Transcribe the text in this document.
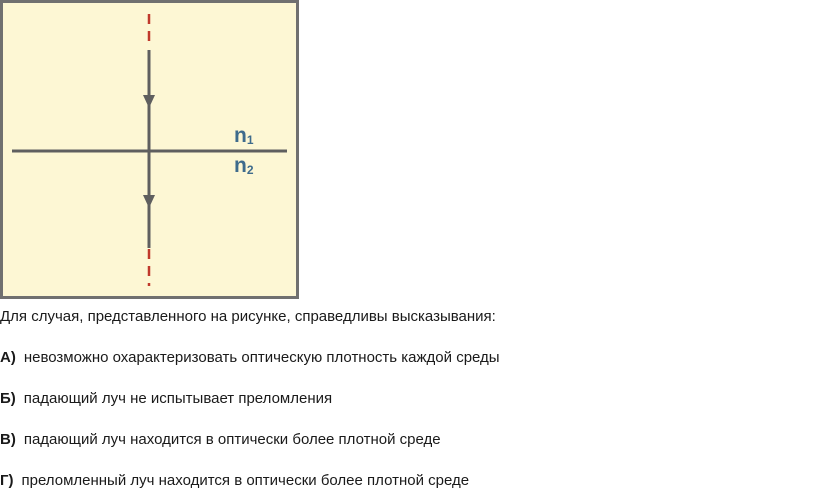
n1
n2
Для случая, представленного на рисунке, справедливы высказывания:
А) невозможно охарактеризовать оптическую плотность каждой среды
Б) падающий луч не испытывает преломления
В) падающий луч находится в оптически более плотной среде
Г) преломленный луч находится в оптически более плотной среде
